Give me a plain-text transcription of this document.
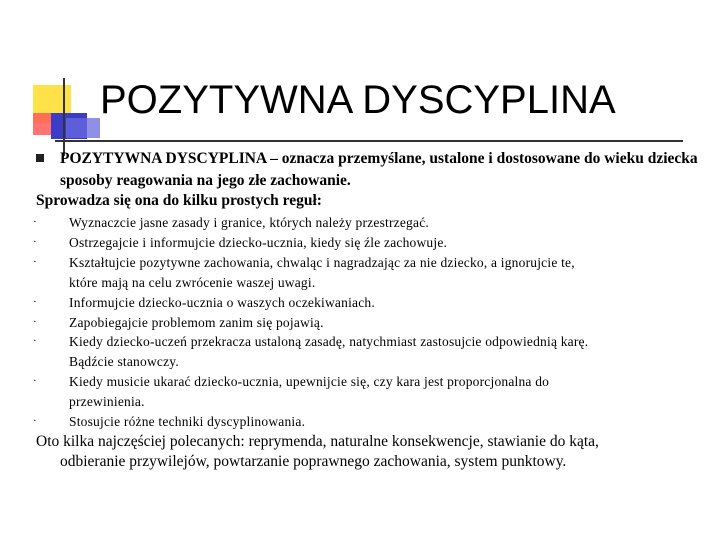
POZYTYWNA DYSCYPLINA

POZYTYWNA DYSCYPLINA – oznacza przemyślane, ustalone i dostosowane do wieku dziecka sposoby reagowania na jego złe zachowanie.

Sprowadza się ona do kilku prostych reguł:

· Wyznaczcie jasne zasady i granice, których należy przestrzegać.
· Ostrzegajcie i informujcie dziecko-ucznia, kiedy się źle zachowuje.
· Kształtujcie pozytywne zachowania, chwaląc i nagradzając za nie dziecko, a ignorujcie te, które mają na celu zwrócenie waszej uwagi.
· Informujcie dziecko-ucznia o waszych oczekiwaniach.
· Zapobiegajcie problemom zanim się pojawią.
· Kiedy dziecko-uczeń przekracza ustaloną zasadę, natychmiast zastosujcie odpowiednią karę. Bądźcie stanowczy.
· Kiedy musicie ukarać dziecko-ucznia, upewnijcie się, czy kara jest proporcjonalna do przewinienia.
· Stosujcie różne techniki dyscyplinowania.

Oto kilka najczęściej polecanych: reprymenda, naturalne konsekwencje, stawianie do kąta,
odbieranie przywilejów, powtarzanie poprawnego zachowania, system punktowy.
